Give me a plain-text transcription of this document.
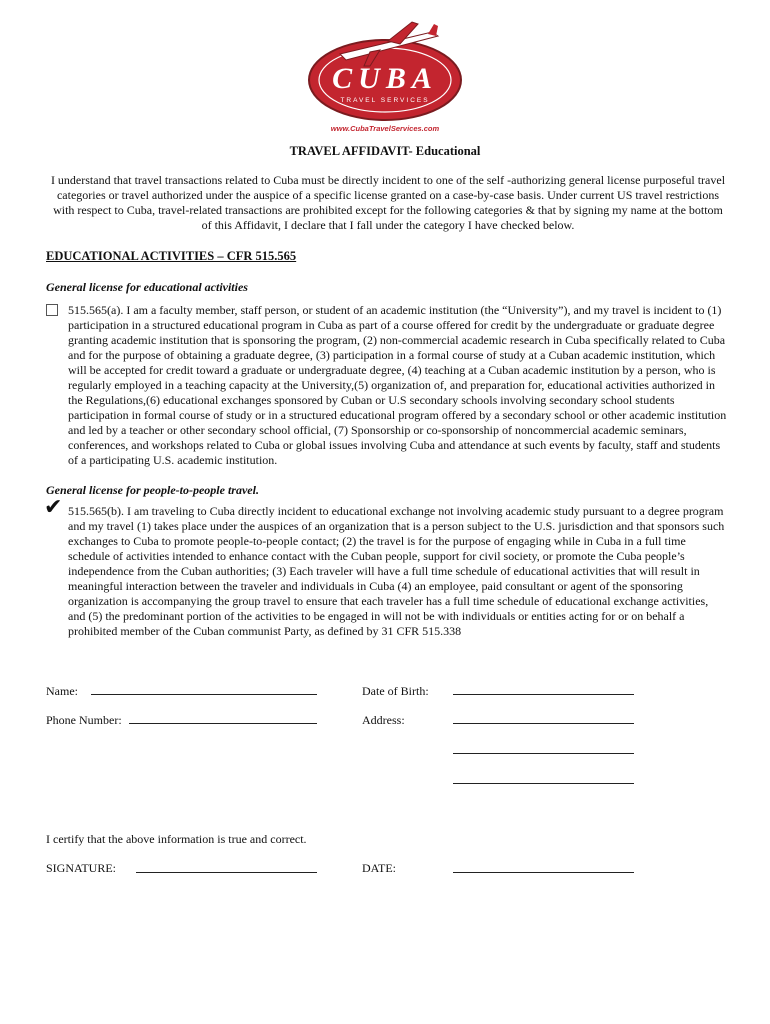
CUBA
TRAVEL SERVICES
www.CubaTravelServices.com
TRAVEL AFFIDAVIT- Educational
I understand that travel transactions related to Cuba must be directly incident to one of the self -authorizing general license purposeful travel categories or travel authorized under the auspice of a specific license granted on a case-by-case basis. Under current US travel restrictions with respect to Cuba, travel-related transactions are prohibited except for the following categories & that by signing my name at the bottom of this Affidavit, I declare that I fall under the category I have checked below.
EDUCATIONAL ACTIVITIES – CFR 515.565
General license for educational activities
515.565(a). I am a faculty member, staff person, or student of an academic institution (the “University”), and my travel is incident to (1) participation in a structured educational program in Cuba as part of a course offered for credit by the undergraduate or graduate degree granting academic institution that is sponsoring the program, (2) non-commercial academic research in Cuba specifically related to Cuba and for the purpose of obtaining a graduate degree, (3) participation in a formal course of study at a Cuban academic institution, which will be accepted for credit toward a graduate or undergraduate degree, (4) teaching at a Cuban academic institution by a person, who is regularly employed in a teaching capacity at the University,(5) organization of, and preparation for, educational activities authorized in the Regulations,(6) educational exchanges sponsored by Cuban or U.S secondary schools involving secondary school students participation in formal course of study or in a structured educational program offered by a secondary school or other academic institution and led by a teacher or other secondary school official, (7) Sponsorship or co-sponsorship of noncommercial academic seminars, conferences, and workshops related to Cuba or global issues involving Cuba and attendance at such events by faculty, staff and students of a participating U.S. academic institution.
General license for people-to-people travel.
✔ 515.565(b). I am traveling to Cuba directly incident to educational exchange not involving academic study pursuant to a degree program and my travel (1) takes place under the auspices of an organization that is a person subject to the U.S. jurisdiction and that sponsors such exchanges to Cuba to promote people-to-people contact; (2) the travel is for the purpose of engaging while in Cuba in a full time schedule of activities intended to enhance contact with the Cuban people, support for civil society, or promote the Cuba people’s independence from the Cuban authorities; (3) Each traveler will have a full time schedule of educational activities that will result in meaningful interaction between the traveler and individuals in Cuba (4) an employee, paid consultant or agent of the sponsoring organization is accompanying the group travel to ensure that each traveler has a full time schedule of educational exchange activities, and (5) the predominant portion of the activities to be engaged in will not be with individuals or entities acting for or on behalf a prohibited member of the Cuban communist Party, as defined by 31 CFR 515.338
Name:	Date of Birth:
Phone Number:	Address:
I certify that the above information is true and correct.
SIGNATURE:	DATE:
